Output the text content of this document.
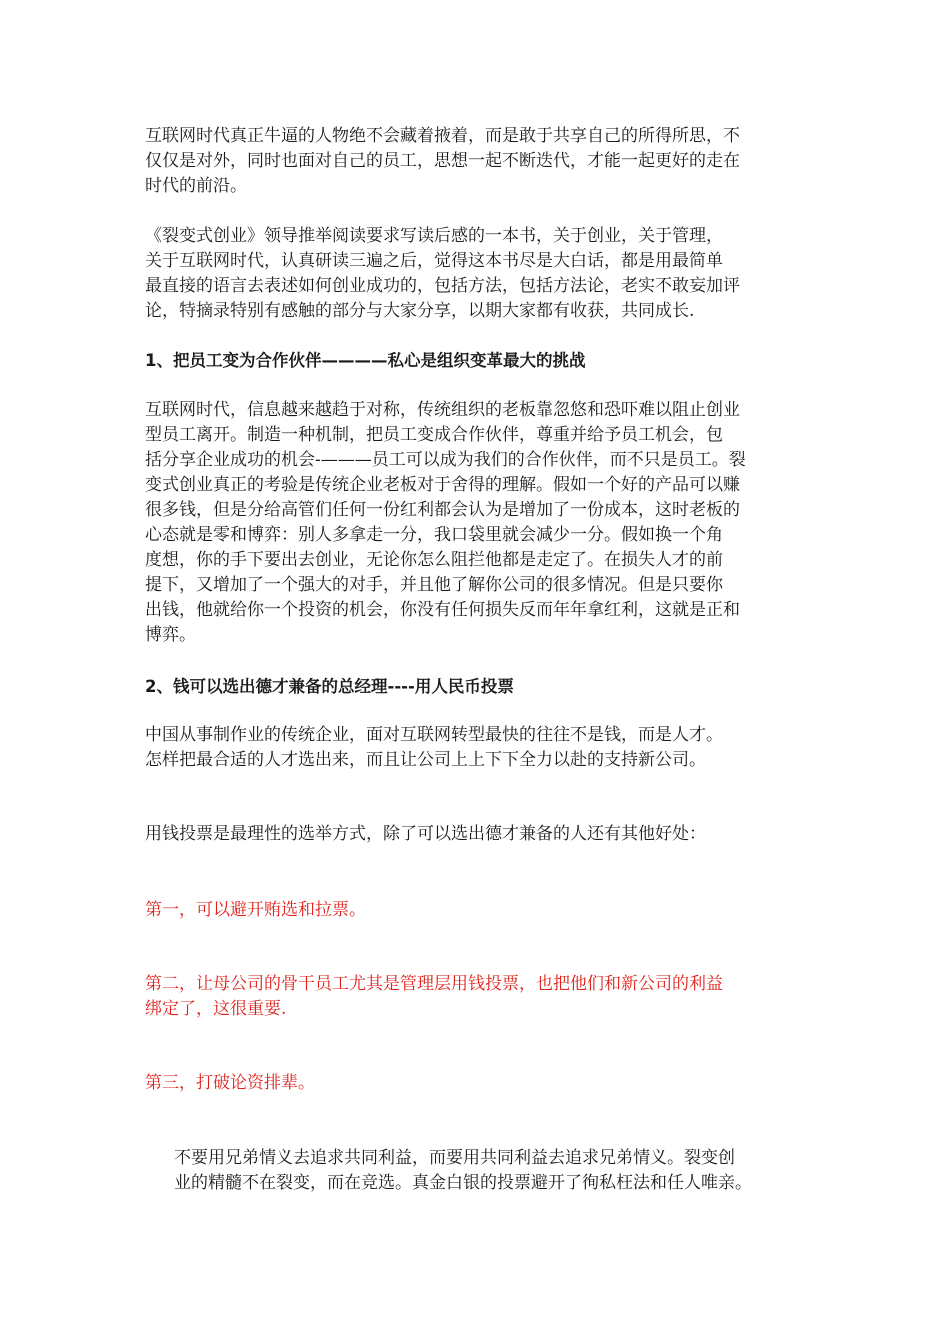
互联网时代真正牛逼的人物绝不会藏着掖着，而是敢于共享自己的所得所思，不
仅仅是对外，同时也面对自己的员工，思想一起不断迭代，才能一起更好的走在
时代的前沿。

《裂变式创业》领导推举阅读要求写读后感的一本书，关于创业，关于管理，
关于互联网时代，认真研读三遍之后，觉得这本书尽是大白话，都是用最简单
最直接的语言去表述如何创业成功的，包括方法，包括方法论，老实不敢妄加评
论，特摘录特别有感触的部分与大家分享，以期大家都有收获，共同成长.

1、把员工变为合作伙伴————私心是组织变革最大的挑战

互联网时代，信息越来越趋于对称，传统组织的老板靠忽悠和恐吓难以阻止创业
型员工离开。制造一种机制，把员工变成合作伙伴，尊重并给予员工机会，包
括分享企业成功的机会-———员工可以成为我们的合作伙伴，而不只是员工。裂
变式创业真正的考验是传统企业老板对于舍得的理解。假如一个好的产品可以赚
很多钱，但是分给高管们任何一份红利都会认为是增加了一份成本，这时老板的
心态就是零和博弈：别人多拿走一分，我口袋里就会减少一分。假如换一个角
度想，你的手下要出去创业，无论你怎么阻拦他都是走定了。在损失人才的前
提下，又增加了一个强大的对手，并且他了解你公司的很多情况。但是只要你
出钱，他就给你一个投资的机会，你没有任何损失反而年年拿红利，这就是正和
博弈。

2、钱可以选出德才兼备的总经理----用人民币投票

中国从事制作业的传统企业，面对互联网转型最快的往往不是钱，而是人才。
怎样把最合适的人才选出来，而且让公司上上下下全力以赴的支持新公司。

用钱投票是最理性的选举方式，除了可以选出德才兼备的人还有其他好处：

第一，可以避开贿选和拉票。

第二，让母公司的骨干员工尤其是管理层用钱投票，也把他们和新公司的利益
绑定了，这很重要.

第三，打破论资排辈。

不要用兄弟情义去追求共同利益，而要用共同利益去追求兄弟情义。裂变创
业的精髓不在裂变，而在竞选。真金白银的投票避开了徇私枉法和任人唯亲。
